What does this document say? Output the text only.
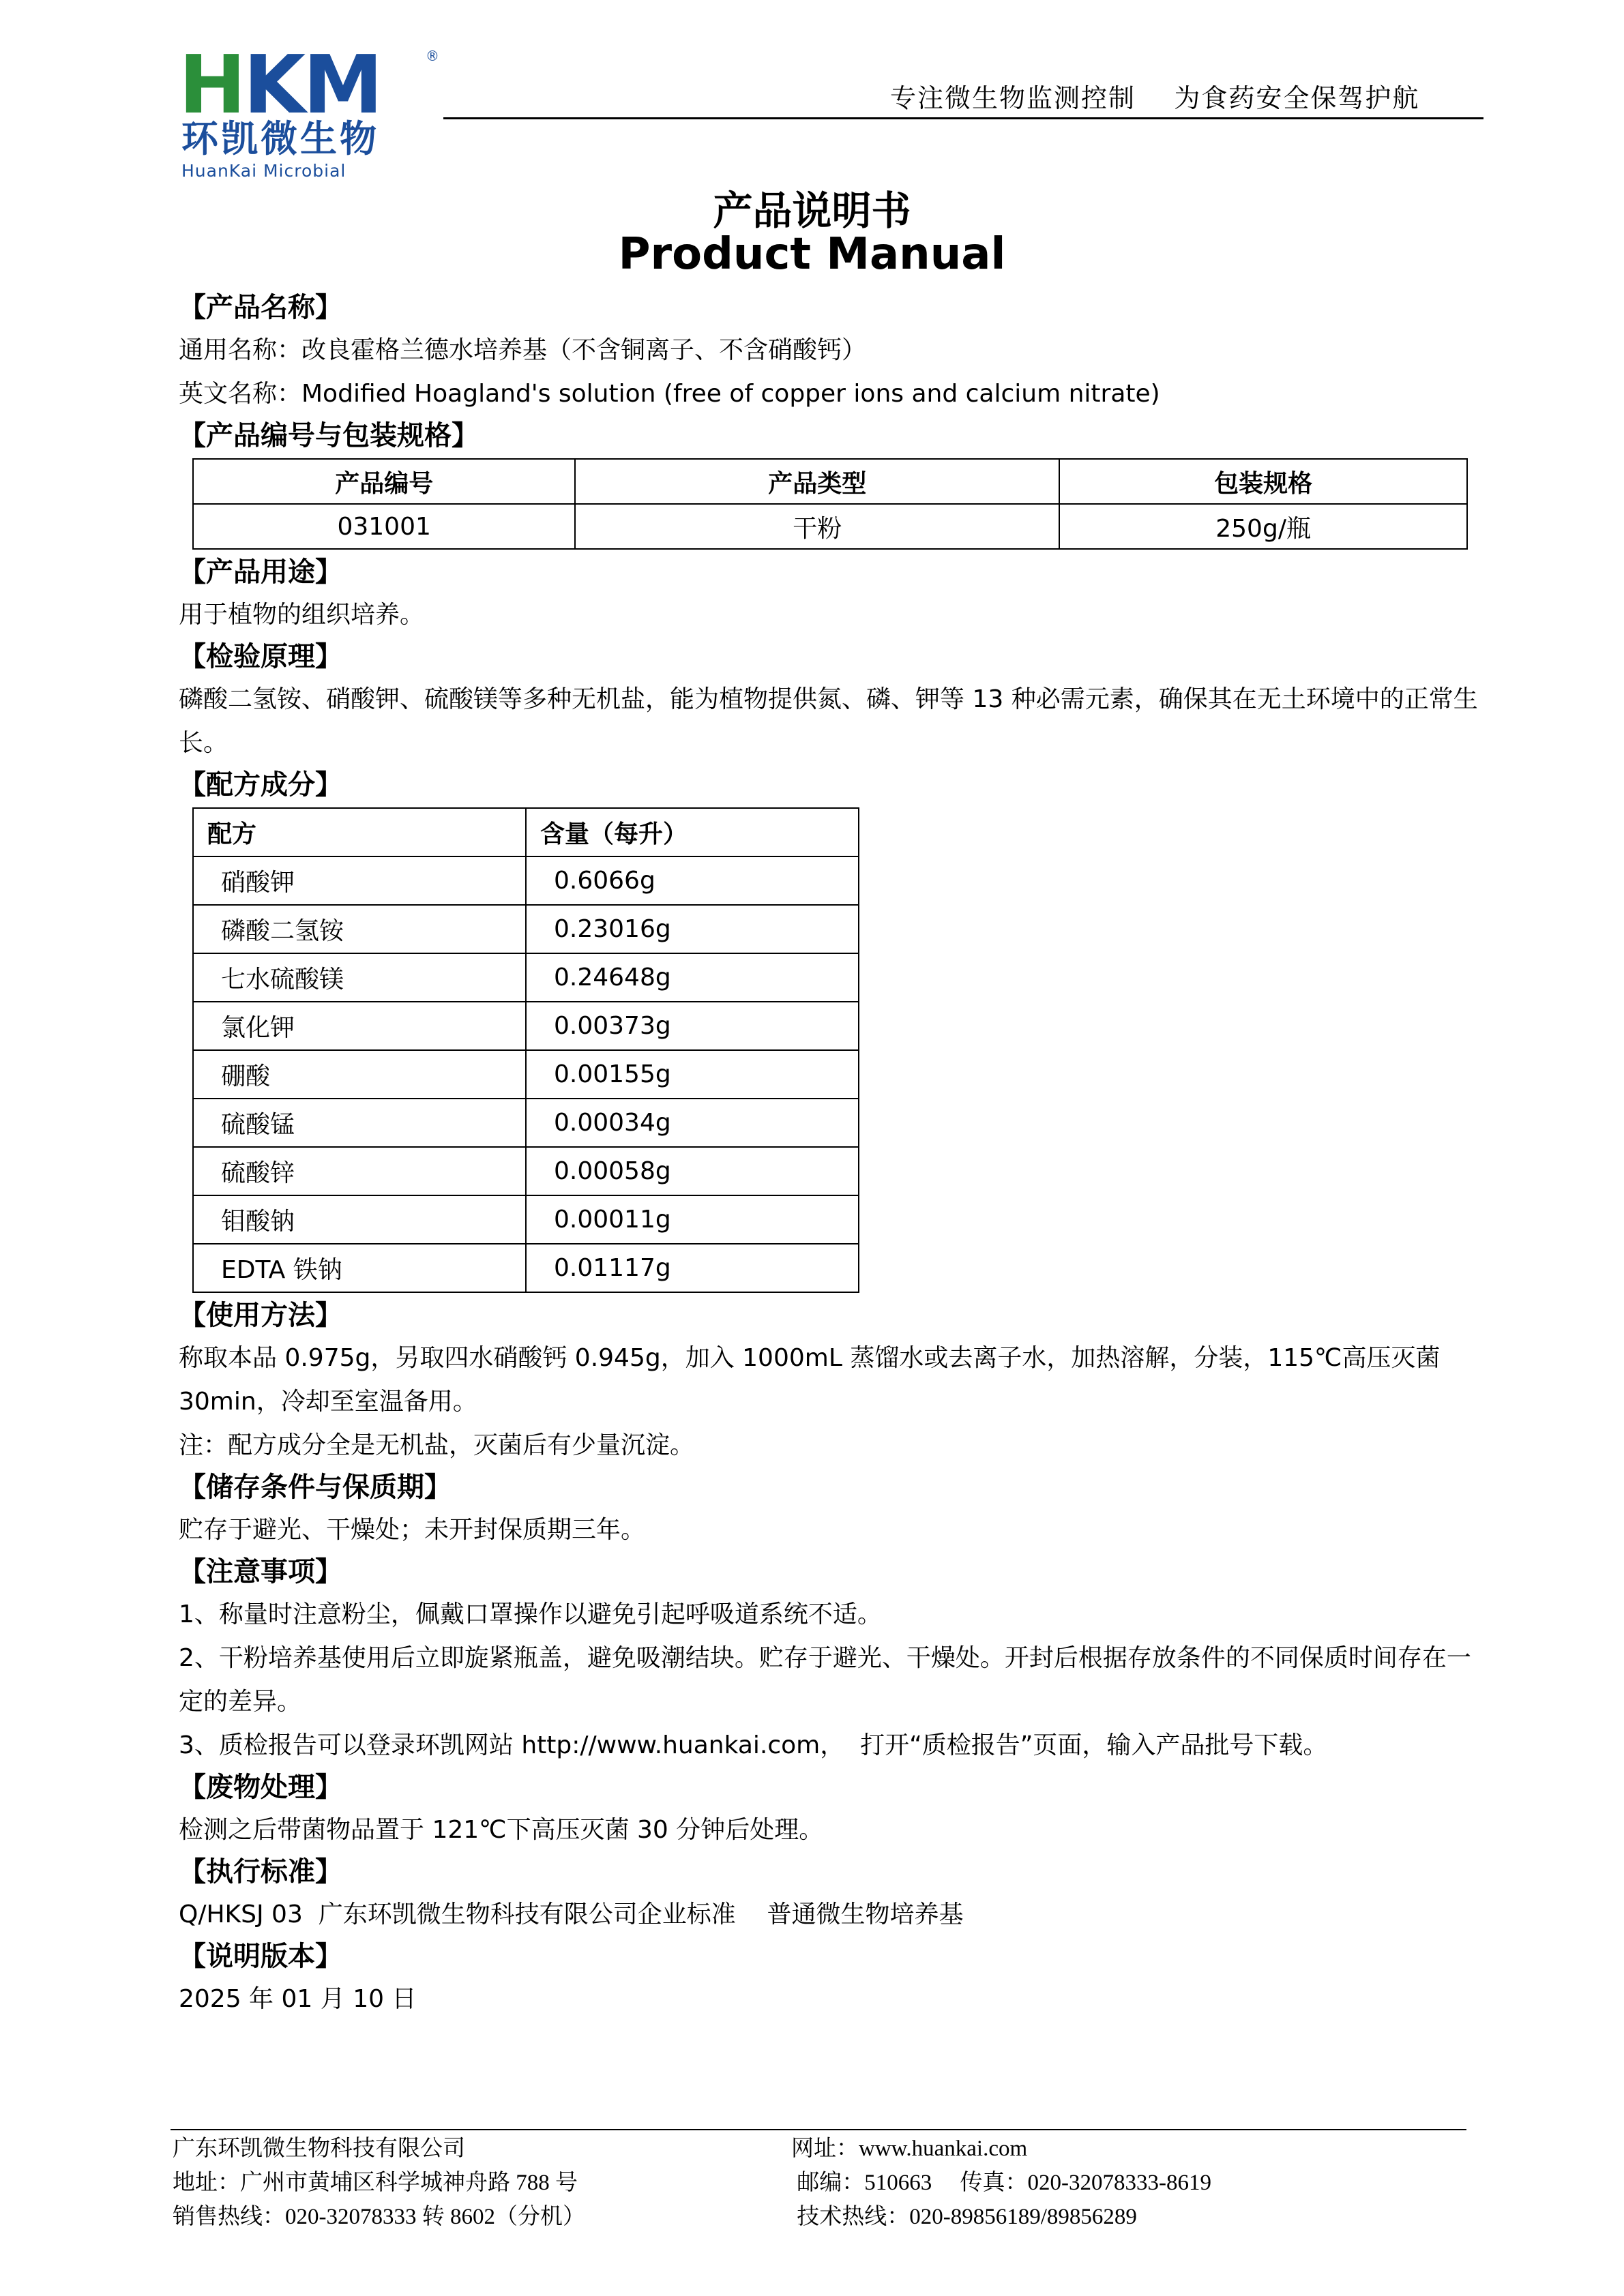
H K M	®
环凯微生物
HuanKai Microbial
专注微生物监测控制    为食药安全保驾护航
产品说明书
Product Manual
【产品名称】
通用名称：改良霍格兰德水培养基（不含铜离子、不含硝酸钙）
英文名称：Modified Hoagland's solution (free of copper ions and calcium nitrate)
【产品编号与包装规格】
产品编号	产品类型	包装规格
031001	干粉	250g/瓶
【产品用途】
用于植物的组织培养。
【检验原理】
磷酸二氢铵、硝酸钾、硫酸镁等多种无机盐，能为植物提供氮、磷、钾等 13 种必需元素，确保其在无土环境中的正常生长。
【配方成分】
配方	含量（每升）
硝酸钾	0.6066g
磷酸二氢铵	0.23016g
七水硫酸镁	0.24648g
氯化钾	0.00373g
硼酸	0.00155g
硫酸锰	0.00034g
硫酸锌	0.00058g
钼酸钠	0.00011g
EDTA 铁钠	0.01117g
【使用方法】
称取本品 0.975g，另取四水硝酸钙 0.945g，加入 1000mL 蒸馏水或去离子水，加热溶解，分装，115℃高压灭菌 30min，冷却至室温备用。
注：配方成分全是无机盐，灭菌后有少量沉淀。
【储存条件与保质期】
贮存于避光、干燥处；未开封保质期三年。
【注意事项】
1、称量时注意粉尘，佩戴口罩操作以避免引起呼吸道系统不适。
2、干粉培养基使用后立即旋紧瓶盖，避免吸潮结块。贮存于避光、干燥处。开封后根据存放条件的不同保质时间存在一定的差异。
3、质检报告可以登录环凯网站 http://www.huankai.com，  打开“质检报告”页面，输入产品批号下载。
【废物处理】
检测之后带菌物品置于 121℃下高压灭菌 30 分钟后处理。
【执行标准】
Q/HKSJ 03  广东环凯微生物科技有限公司企业标准    普通微生物培养基
【说明版本】
2025 年 01 月 10 日
广东环凯微生物科技有限公司
地址：广州市黄埔区科学城神舟路 788 号
销售热线：020-32078333 转 8602（分机）
网址：www.huankai.com
邮编：510663     传真：020-32078333-8619
技术热线：020-89856189/89856289
